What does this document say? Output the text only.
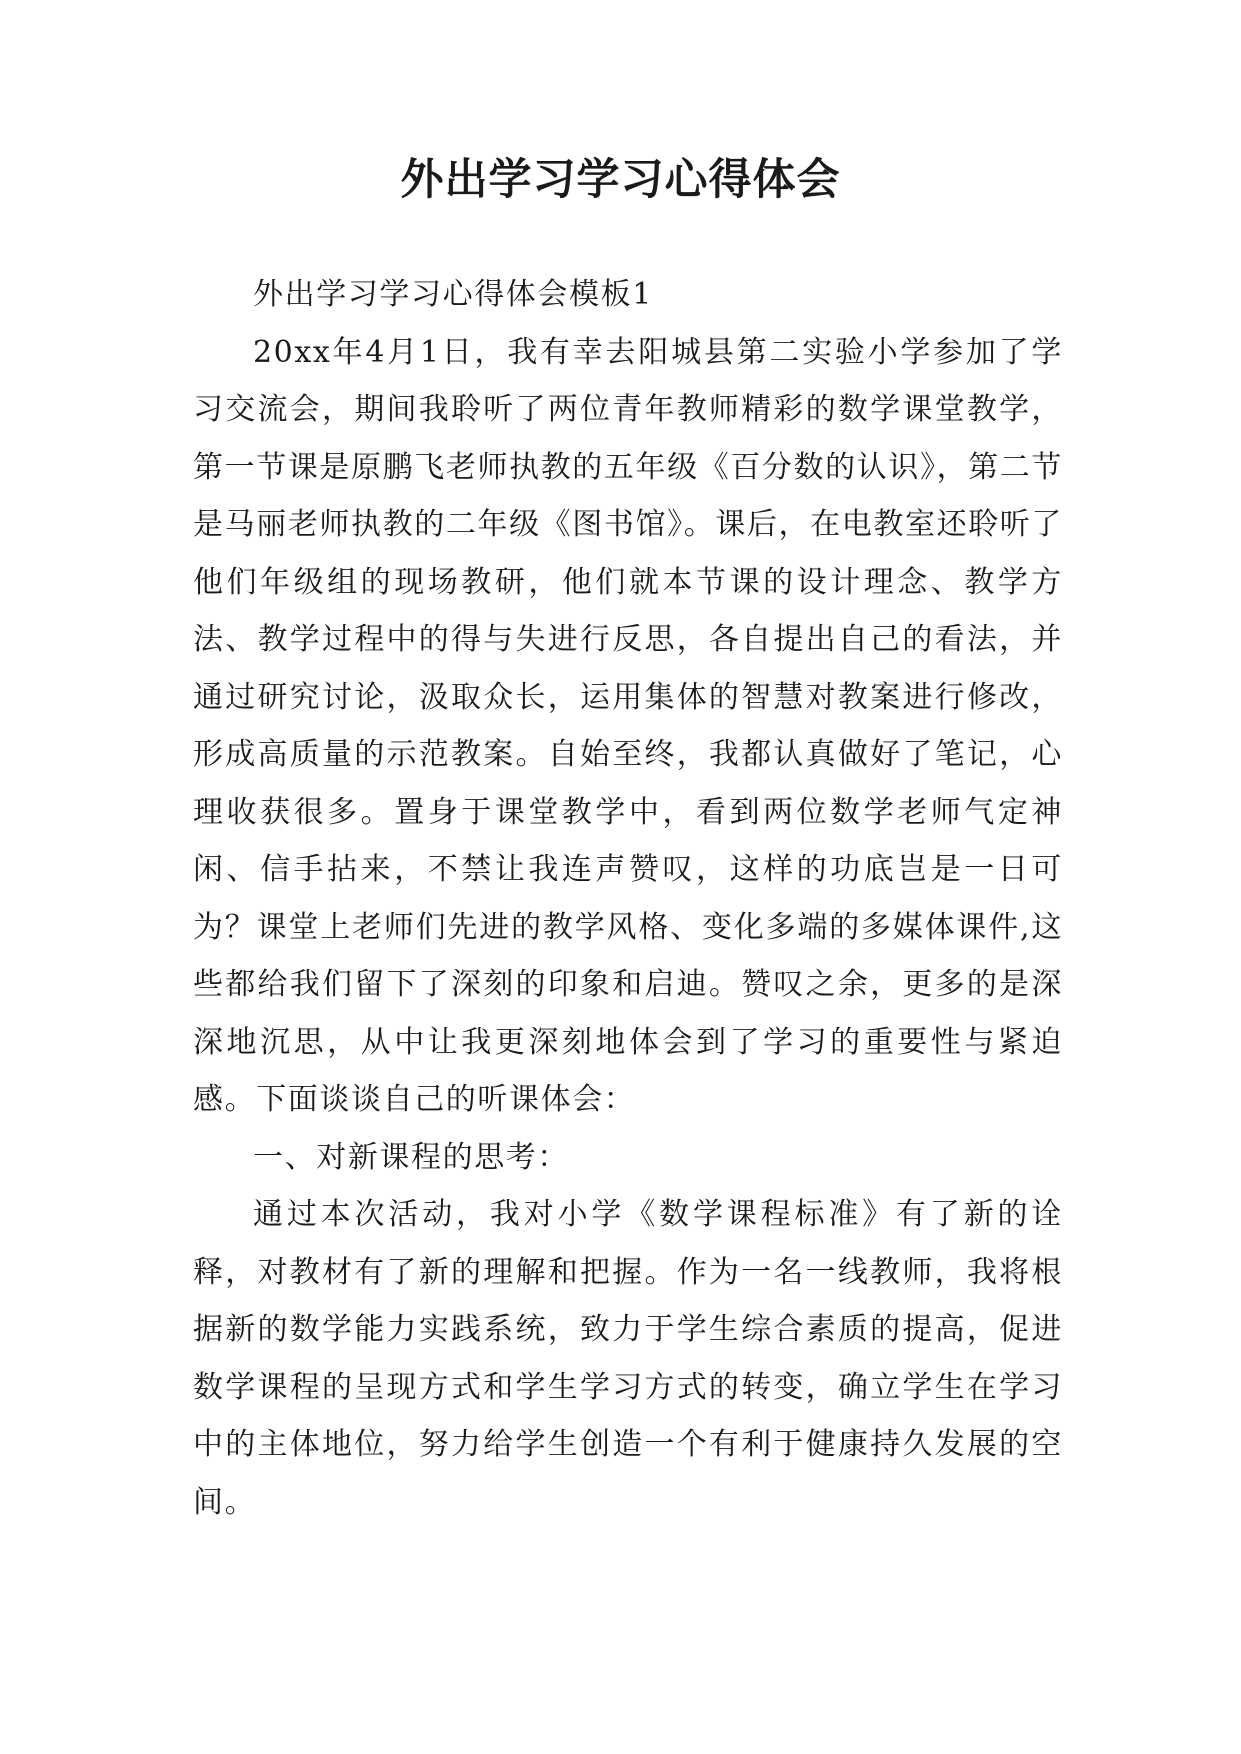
外出学习学习心得体会

外出学习学习心得体会模板1

20xx年4月1日，我有幸去阳城县第二实验小学参加了学习交流会，期间我聆听了两位青年教师精彩的数学课堂教学，第一节课是原鹏飞老师执教的五年级《百分数的认识》，第二节是马丽老师执教的二年级《图书馆》。课后，在电教室还聆听了他们年级组的现场教研，他们就本节课的设计理念、教学方法、教学过程中的得与失进行反思，各自提出自己的看法，并通过研究讨论，汲取众长，运用集体的智慧对教案进行修改，形成高质量的示范教案。自始至终，我都认真做好了笔记，心理收获很多。置身于课堂教学中，看到两位数学老师气定神闲、信手拈来，不禁让我连声赞叹，这样的功底岂是一日可为？课堂上老师们先进的教学风格、变化多端的多媒体课件,这些都给我们留下了深刻的印象和启迪。赞叹之余，更多的是深深地沉思，从中让我更深刻地体会到了学习的重要性与紧迫感。下面谈谈自己的听课体会：

一、对新课程的思考：

通过本次活动，我对小学《数学课程标准》有了新的诠释，对教材有了新的理解和把握。作为一名一线教师，我将根据新的数学能力实践系统，致力于学生综合素质的提高，促进数学课程的呈现方式和学生学习方式的转变，确立学生在学习中的主体地位，努力给学生创造一个有利于健康持久发展的空间。
